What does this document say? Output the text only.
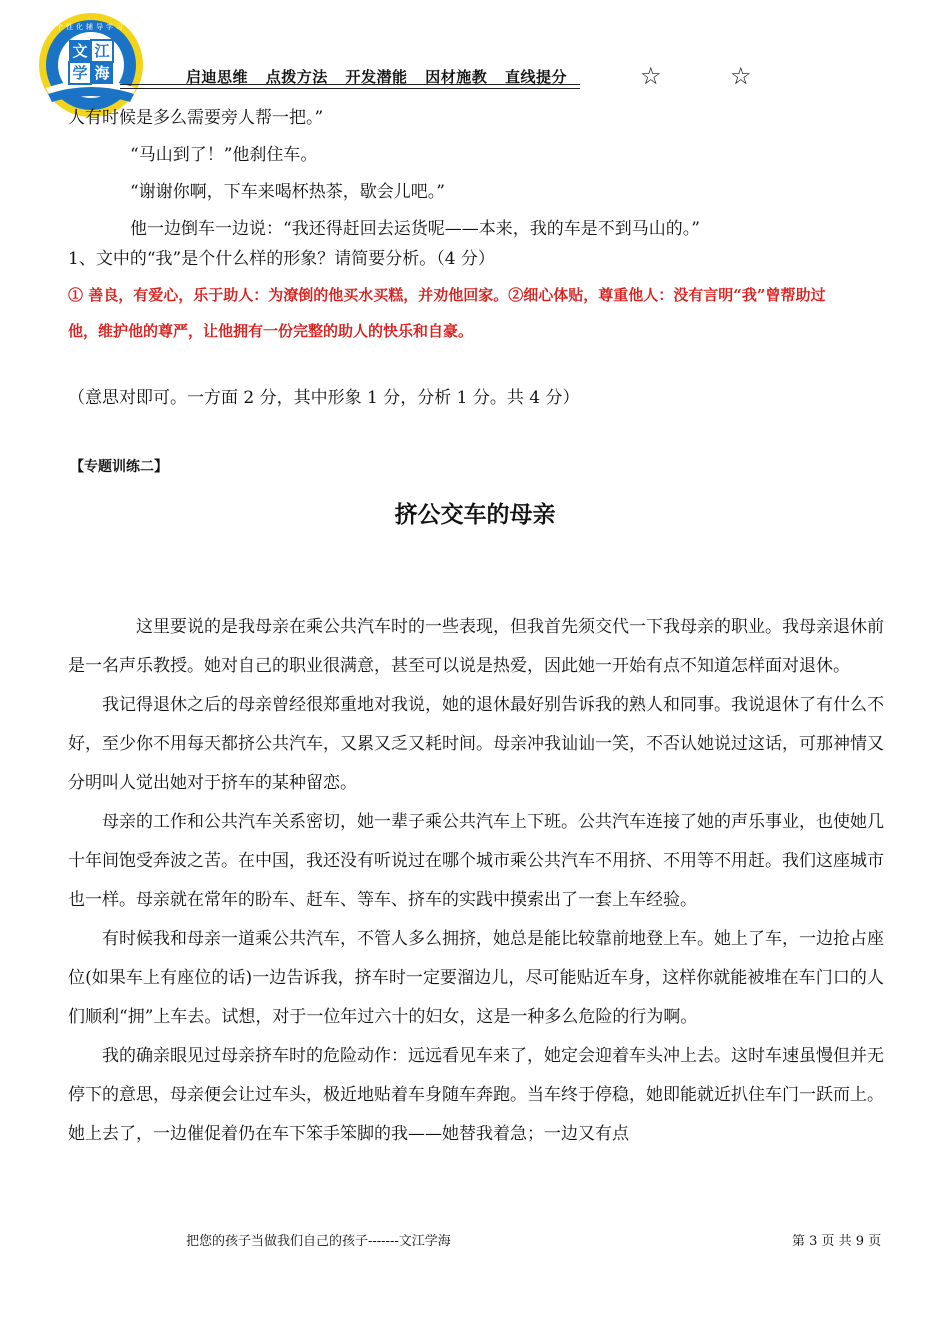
文 江
学 海
个性化辅导学习
启迪思维 点拨方法 开发潜能 因材施教 直线提分	☆	☆
人有时候是多么需要旁人帮一把。”
“马山到了！”他刹住车。
“谢谢你啊，下车来喝杯热茶，歇会儿吧。”
他一边倒车一边说：“我还得赶回去运货呢——本来，我的车是不到马山的。”
1、文中的“我”是个什么样的形象？请简要分析。（4 分）
① 善良，有爱心，乐于助人：为潦倒的他买水买糕，并劝他回家。②细心体贴，尊重他人：没有言明“我”曾帮助过
他，维护他的尊严，让他拥有一份完整的助人的快乐和自豪。
（意思对即可。一方面 2 分，其中形象 1 分，分析 1 分。共 4 分）
【专题训练二】
挤公交车的母亲

这里要说的是我母亲在乘公共汽车时的一些表现，但我首先须交代一下我母亲的职业。我母亲退休前是一名声乐教授。她对自己的职业很满意，甚至可以说是热爱，因此她一开始有点不知道怎样面对退休。

我记得退休之后的母亲曾经很郑重地对我说，她的退休最好别告诉我的熟人和同事。我说退休了有什么不好，至少你不用每天都挤公共汽车，又累又乏又耗时间。母亲冲我讪讪一笑，不否认她说过这话，可那神情又分明叫人觉出她对于挤车的某种留恋。

母亲的工作和公共汽车关系密切，她一辈子乘公共汽车上下班。公共汽车连接了她的声乐事业，也使她几十年间饱受奔波之苦。在中国，我还没有听说过在哪个城市乘公共汽车不用挤、不用等不用赶。我们这座城市也一样。母亲就在常年的盼车、赶车、等车、挤车的实践中摸索出了一套上车经验。

有时候我和母亲一道乘公共汽车，不管人多么拥挤，她总是能比较靠前地登上车。她上了车，一边抢占座位(如果车上有座位的话)一边告诉我，挤车时一定要溜边儿，尽可能贴近车身，这样你就能被堆在车门口的人们顺利“拥”上车去。试想，对于一位年过六十的妇女，这是一种多么危险的行为啊。

我的确亲眼见过母亲挤车时的危险动作：远远看见车来了，她定会迎着车头冲上去。这时车速虽慢但并无停下的意思，母亲便会让过车头，极近地贴着车身随车奔跑。当车终于停稳，她即能就近扒住车门一跃而上。她上去了，一边催促着仍在车下笨手笨脚的我——她替我着急；一边又有点

把您的孩子当做我们自己的孩子-------文江学海	第 3 页 共 9 页
